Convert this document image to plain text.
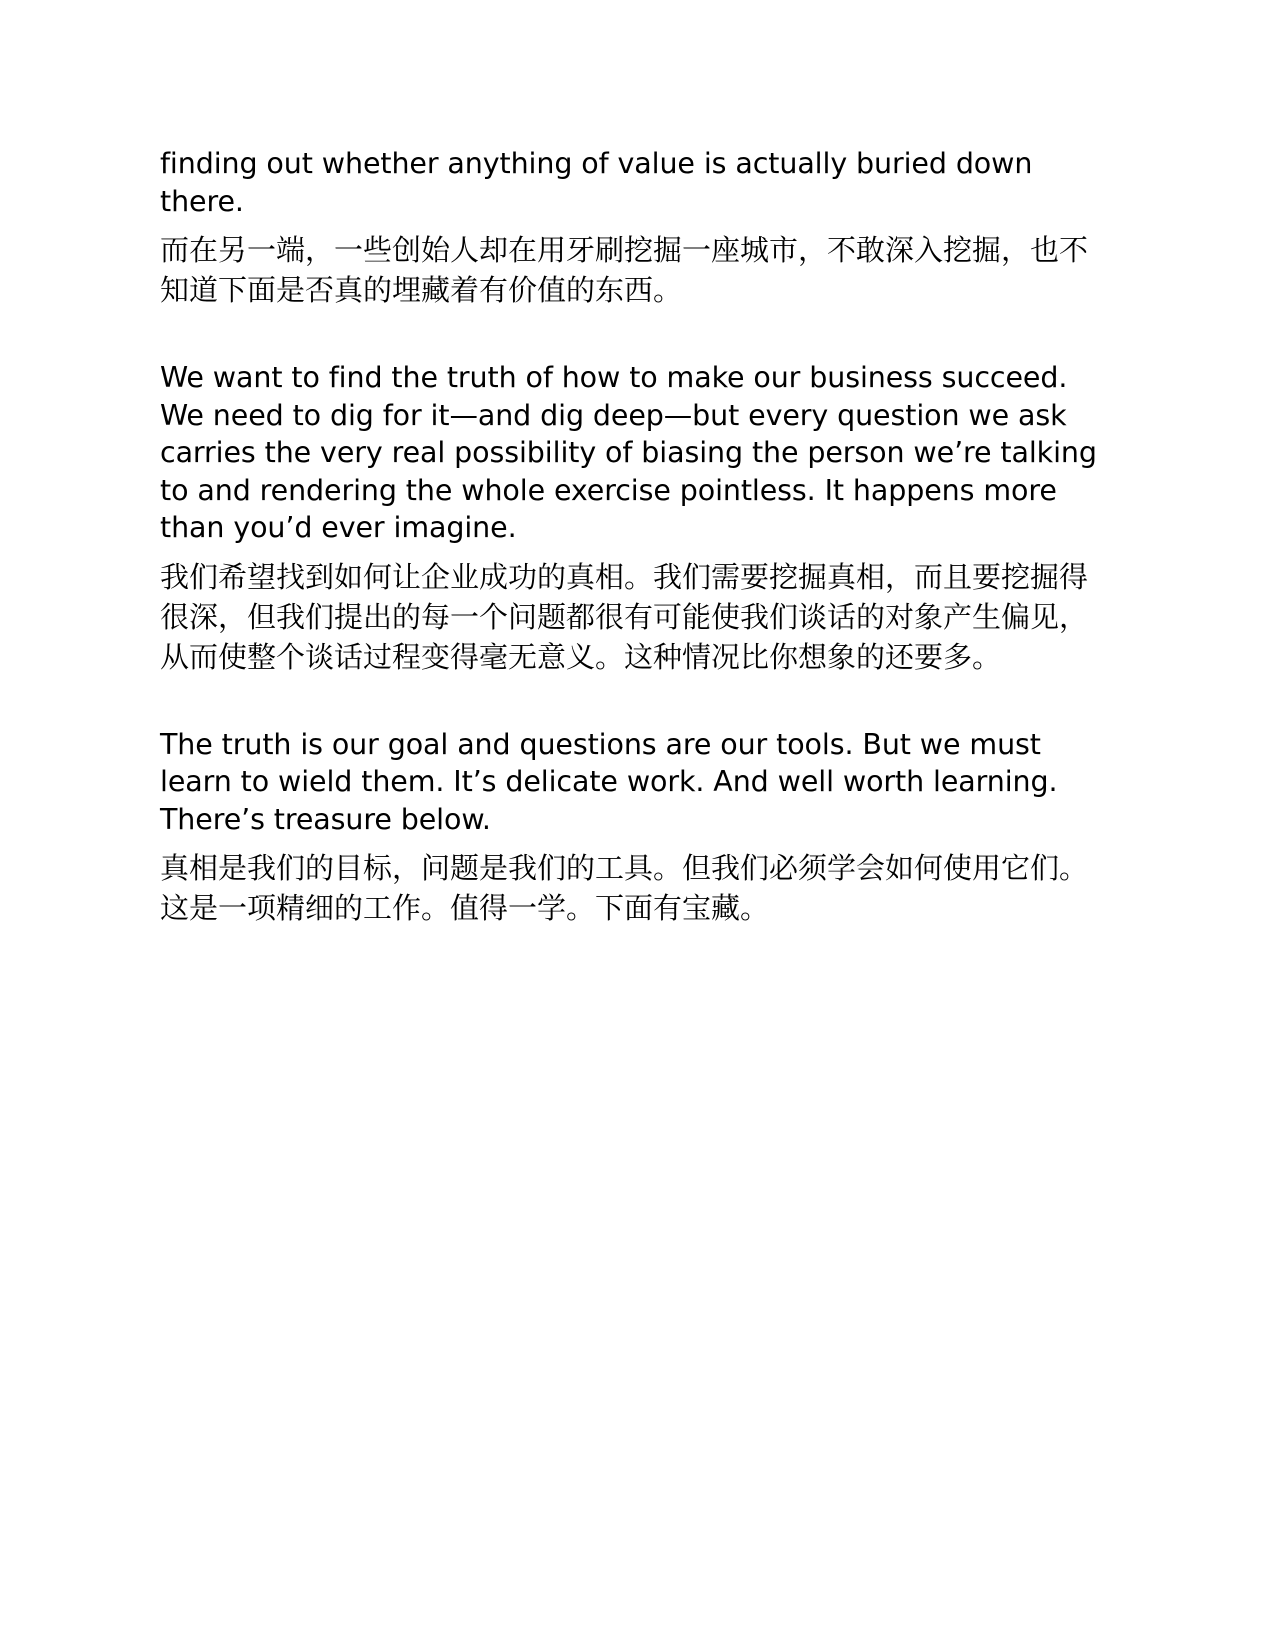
finding out whether anything of value is actually buried down there.

而在另一端，一些创始人却在用牙刷挖掘一座城市，不敢深入挖掘，也不知道下面是否真的埋藏着有价值的东西。

We want to find the truth of how to make our business succeed. We need to dig for it—and dig deep—but every question we ask carries the very real possibility of biasing the person we’re talking to and rendering the whole exercise pointless. It happens more than you’d ever imagine.

我们希望找到如何让企业成功的真相。我们需要挖掘真相，而且要挖掘得很深，但我们提出的每一个问题都很有可能使我们谈话的对象产生偏见，从而使整个谈话过程变得毫无意义。这种情况比你想象的还要多。

The truth is our goal and questions are our tools. But we must learn to wield them. It’s delicate work. And well worth learning. There’s treasure below.

真相是我们的目标，问题是我们的工具。但我们必须学会如何使用它们。这是一项精细的工作。值得一学。下面有宝藏。
